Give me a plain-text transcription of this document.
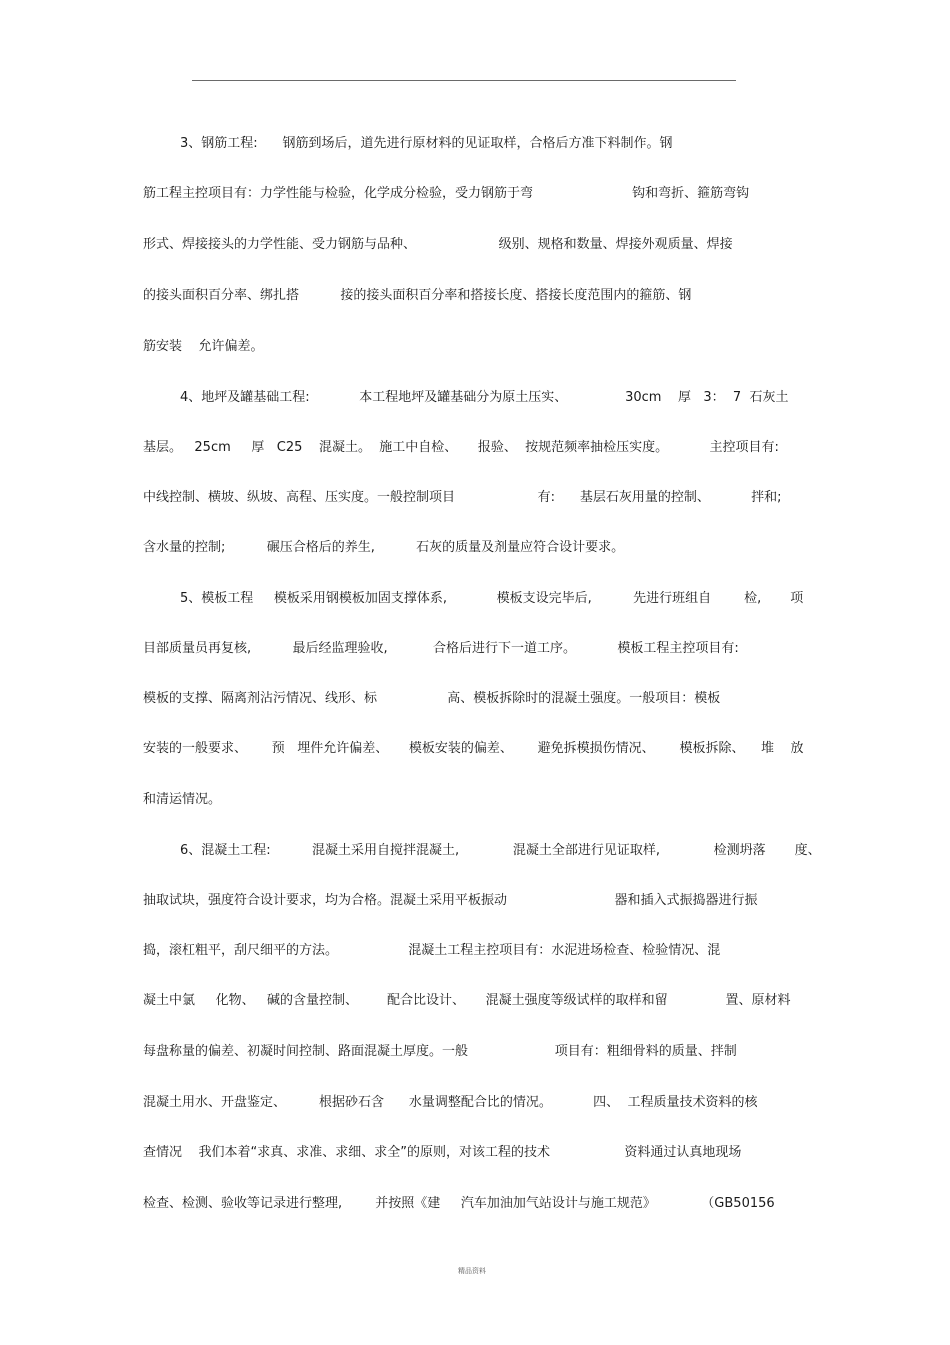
3、钢筋工程:      钢筋到场后，道先进行原材料的见证取样，合格后方准下料制作。钢
筋工程主控项目有：力学性能与检验，化学成分检验，受力钢筋于弯                        钩和弯折、箍筋弯钩
形式、焊接接头的力学性能、受力钢筋与品种、                    级别、规格和数量、焊接外观质量、焊接
的接头面积百分率、绑扎搭          接的接头面积百分率和搭接长度、搭接长度范围内的箍筋、钢
筋安装    允许偏差。
4、地坪及罐基础工程:            本工程地坪及罐基础分为原土压实、              30cm    厚   3：  7  石灰土
基层。   25cm     厚   C25    混凝土。  施工中自检、     报验、  按规范频率抽检压实度。          主控项目有:
中线控制、横坡、纵坡、高程、压实度。一般控制项目                    有:      基层石灰用量的控制、          拌和;
含水量的控制;          碾压合格后的养生,          石灰的质量及剂量应符合设计要求。
5、模板工程     模板采用钢模板加固支撑体系,            模板支设完毕后,          先进行班组自        检,       项
目部质量员再复核,          最后经监理验收,           合格后进行下一道工序。          模板工程主控项目有:
模板的支撑、隔离剂沾污情况、线形、标                 高、模板拆除时的混凝土强度。一般项目：模板
安装的一般要求、      预   埋件允许偏差、     模板安装的偏差、      避免拆模损伤情况、      模板拆除、    堆    放
和清运情况。
6、混凝土工程:          混凝土采用自搅拌混凝土,             混凝土全部进行见证取样,             检测坍落       度、
抽取试块，强度符合设计要求，均为合格。混凝土采用平板振动                          器和插入式振捣器进行振
捣，滚杠粗平，刮尺细平的方法。                 混凝土工程主控项目有：水泥进场检查、检验情况、混
凝土中氯     化物、   碱的含量控制、       配合比设计、     混凝土强度等级试样的取样和留              置、原材料
每盘称量的偏差、初凝时间控制、路面混凝土厚度。一般                     项目有：粗细骨料的质量、拌制
混凝土用水、开盘鉴定、        根据砂石含      水量调整配合比的情况。          四、  工程质量技术资料的核
查情况    我们本着“求真、求准、求细、求全”的原则，对该工程的技术                  资料通过认真地现场
检查、检测、验收等记录进行整理,        并按照《建     汽车加油加气站设计与施工规范》           （GB50156
精品资料
